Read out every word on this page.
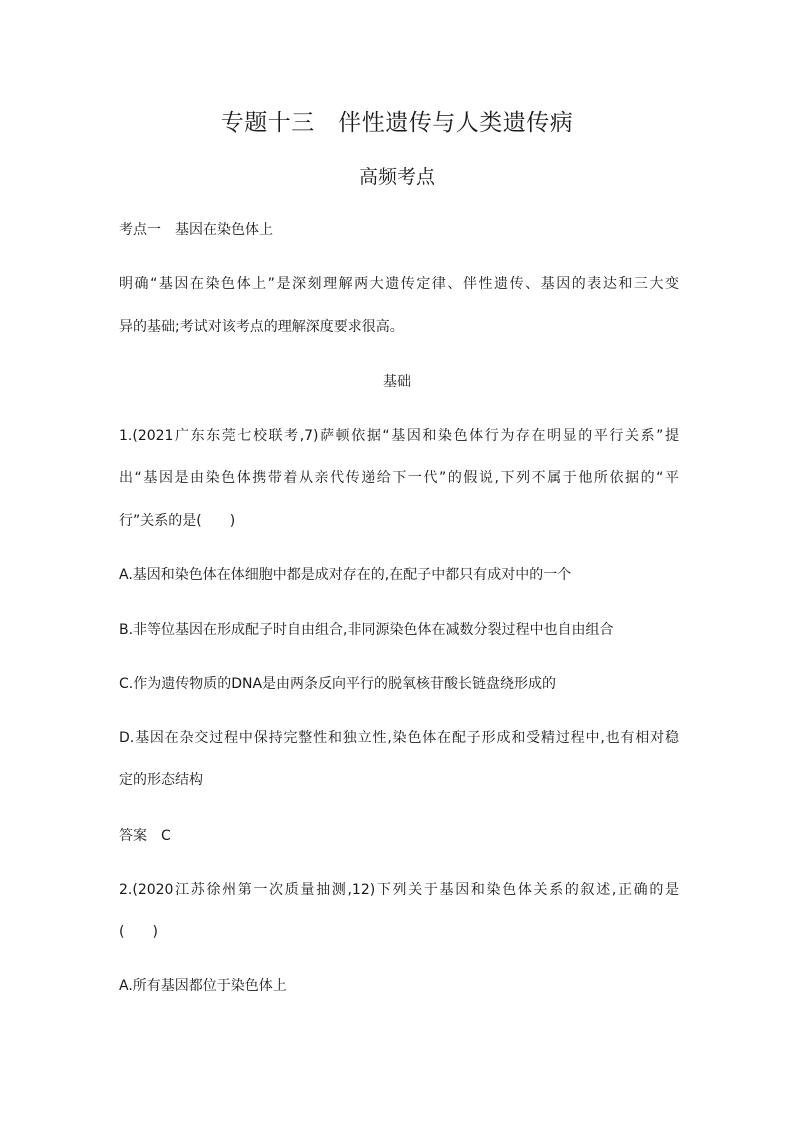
专题十三　伴性遗传与人类遗传病
高频考点
考点一　基因在染色体上
明确“基因在染色体上”是深刻理解两大遗传定律、伴性遗传、基因的表达和三大变
异的基础;考试对该考点的理解深度要求很高。
基础
1.(2021广东东莞七校联考,7)萨顿依据“基因和染色体行为存在明显的平行关系”提
出“基因是由染色体携带着从亲代传递给下一代”的假说,下列不属于他所依据的“平
行”关系的是(　　)
A.基因和染色体在体细胞中都是成对存在的,在配子中都只有成对中的一个
B.非等位基因在形成配子时自由组合,非同源染色体在减数分裂过程中也自由组合
C.作为遗传物质的DNA是由两条反向平行的脱氧核苷酸长链盘绕形成的
D.基因在杂交过程中保持完整性和独立性,染色体在配子形成和受精过程中,也有相对稳
定的形态结构
答案　C
2.(2020江苏徐州第一次质量抽测,12)下列关于基因和染色体关系的叙述,正确的是
(　　)
A.所有基因都位于染色体上
